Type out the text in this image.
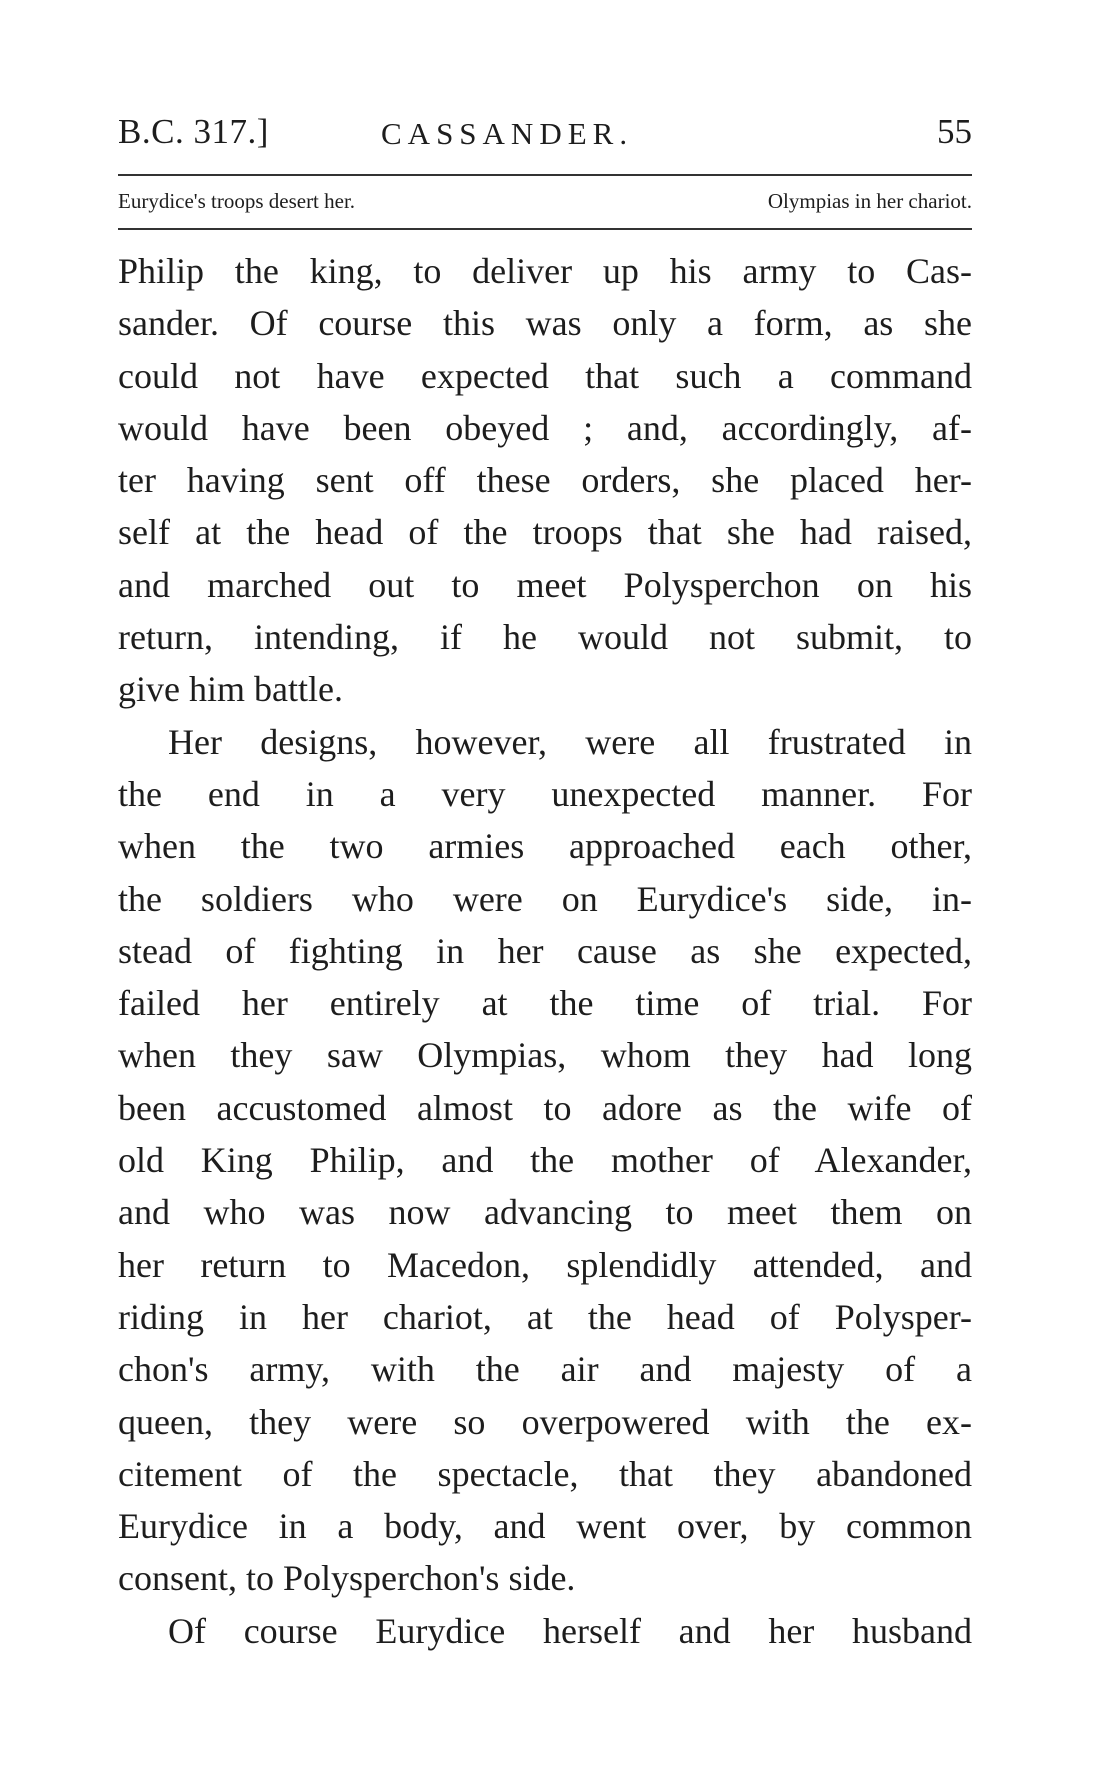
B.C. 317.]	CASSANDER.	55
Eurydice's troops desert her.	Olympias in her chariot.
Philip the king, to deliver up his army to Cas-
sander. Of course this was only a form, as she
could not have expected that such a command
would have been obeyed ; and, accordingly, af-
ter having sent off these orders, she placed her-
self at the head of the troops that she had raised,
and marched out to meet Polysperchon on his
return, intending, if he would not submit, to
give him battle.
Her designs, however, were all frustrated in
the end in a very unexpected manner. For
when the two armies approached each other,
the soldiers who were on Eurydice's side, in-
stead of fighting in her cause as she expected,
failed her entirely at the time of trial. For
when they saw Olympias, whom they had long
been accustomed almost to adore as the wife of
old King Philip, and the mother of Alexander,
and who was now advancing to meet them on
her return to Macedon, splendidly attended, and
riding in her chariot, at the head of Polysper-
chon's army, with the air and majesty of a
queen, they were so overpowered with the ex-
citement of the spectacle, that they abandoned
Eurydice in a body, and went over, by common
consent, to Polysperchon's side.
Of course Eurydice herself and her husband
